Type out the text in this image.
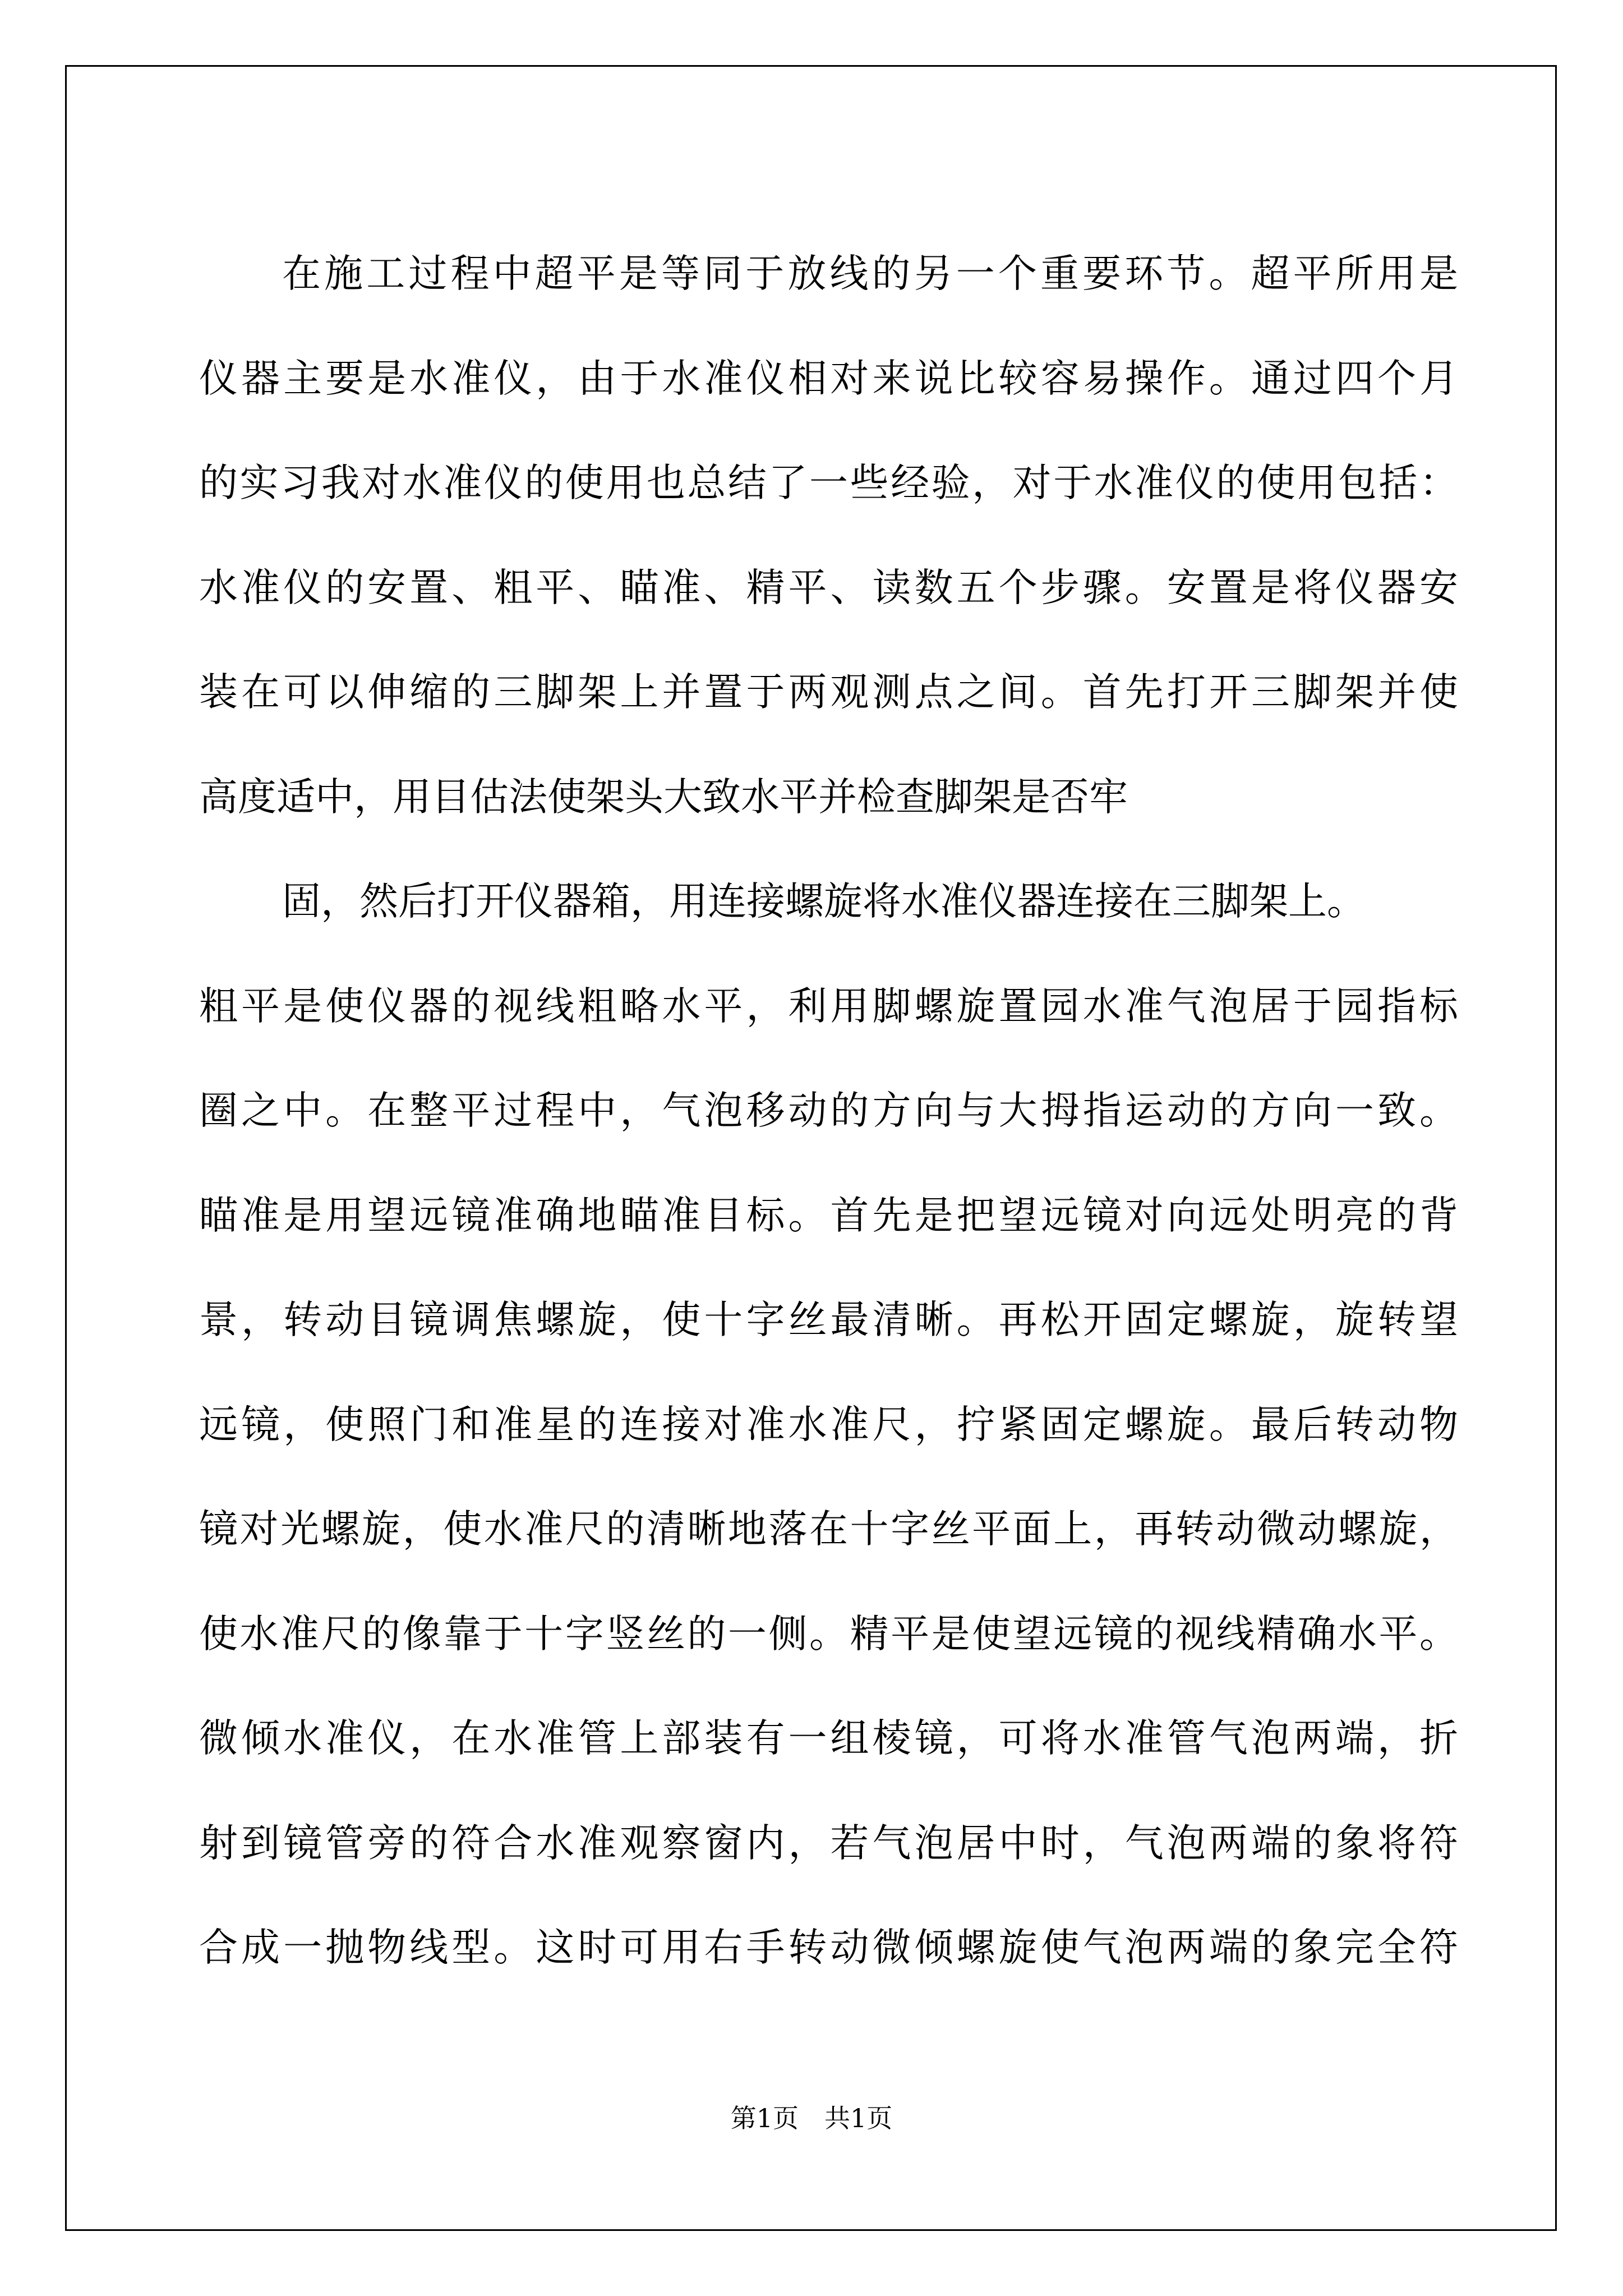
在施工过程中超平是等同于放线的另一个重要环节。超平所用是
仪器主要是水准仪，由于水准仪相对来说比较容易操作。通过四个月
的实习我对水准仪的使用也总结了一些经验，对于水准仪的使用包括：
水准仪的安置、粗平、瞄准、精平、读数五个步骤。安置是将仪器安
装在可以伸缩的三脚架上并置于两观测点之间。首先打开三脚架并使
高度适中，用目估法使架头大致水平并检查脚架是否牢
固，然后打开仪器箱，用连接螺旋将水准仪器连接在三脚架上。
粗平是使仪器的视线粗略水平，利用脚螺旋置园水准气泡居于园指标
圈之中。在整平过程中，气泡移动的方向与大拇指运动的方向一致。
瞄准是用望远镜准确地瞄准目标。首先是把望远镜对向远处明亮的背
景，转动目镜调焦螺旋，使十字丝最清晰。再松开固定螺旋，旋转望
远镜，使照门和准星的连接对准水准尺，拧紧固定螺旋。最后转动物
镜对光螺旋，使水准尺的清晰地落在十字丝平面上，再转动微动螺旋，
使水准尺的像靠于十字竖丝的一侧。精平是使望远镜的视线精确水平。
微倾水准仪，在水准管上部装有一组棱镜，可将水准管气泡两端，折
射到镜管旁的符合水准观察窗内，若气泡居中时，气泡两端的象将符
合成一抛物线型。这时可用右手转动微倾螺旋使气泡两端的象完全符
第1页　共1页
